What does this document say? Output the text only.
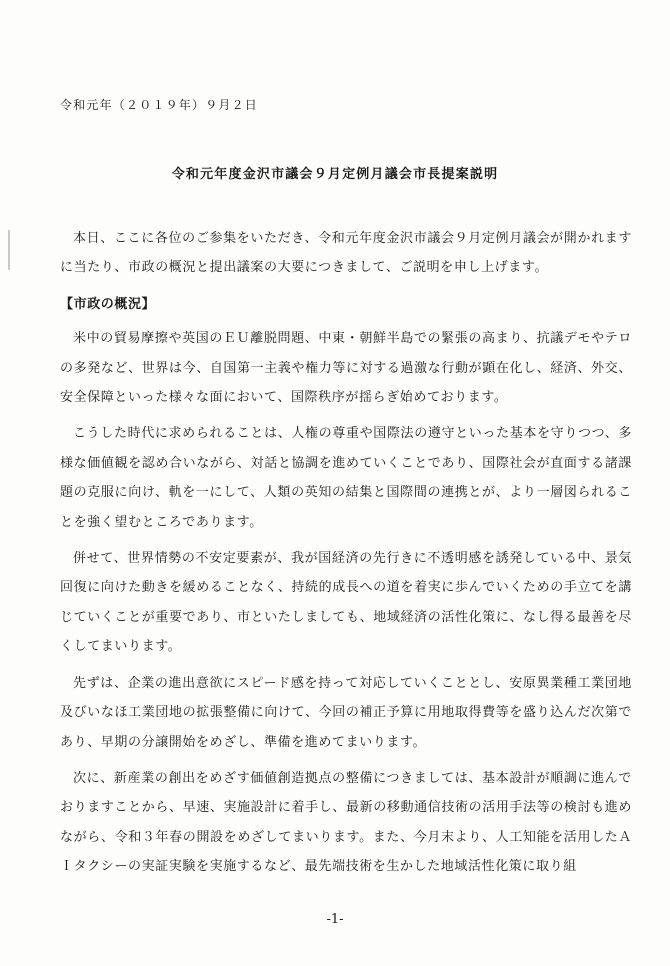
令和元年（２０１９年）９月２日
令和元年度金沢市議会９月定例月議会市長提案説明

本日、ここに各位のご参集をいただき、令和元年度金沢市議会９月定例月議会が開かれますに当たり、市政の概況と提出議案の大要につきまして、ご説明を申し上げます。

【市政の概況】

米中の貿易摩擦や英国のＥＵ離脱問題、中東・朝鮮半島での緊張の高まり、抗議デモやテロの多発など、世界は今、自国第一主義や権力等に対する過激な行動が顕在化し、経済、外交、安全保障といった様々な面において、国際秩序が揺らぎ始めております。

こうした時代に求められることは、人権の尊重や国際法の遵守といった基本を守りつつ、多様な価値観を認め合いながら、対話と協調を進めていくことであり、国際社会が直面する諸課題の克服に向け、軌を一にして、人類の英知の結集と国際間の連携とが、より一層図られることを強く望むところであります。

併せて、世界情勢の不安定要素が、我が国経済の先行きに不透明感を誘発している中、景気回復に向けた動きを緩めることなく、持続的成長への道を着実に歩んでいくための手立てを講じていくことが重要であり、市といたしましても、地域経済の活性化策に、なし得る最善を尽くしてまいります。

先ずは、企業の進出意欲にスピード感を持って対応していくこととし、安原異業種工業団地及びいなほ工業団地の拡張整備に向けて、今回の補正予算に用地取得費等を盛り込んだ次第であり、早期の分譲開始をめざし、準備を進めてまいります。

次に、新産業の創出をめざす価値創造拠点の整備につきましては、基本設計が順調に進んでおりますことから、早速、実施設計に着手し、最新の移動通信技術の活用手法等の検討も進めながら、令和３年春の開設をめざしてまいります。また、今月末より、人工知能を活用したＡＩタクシーの実証実験を実施するなど、最先端技術を生かした地域活性化策に取り組

-1-
